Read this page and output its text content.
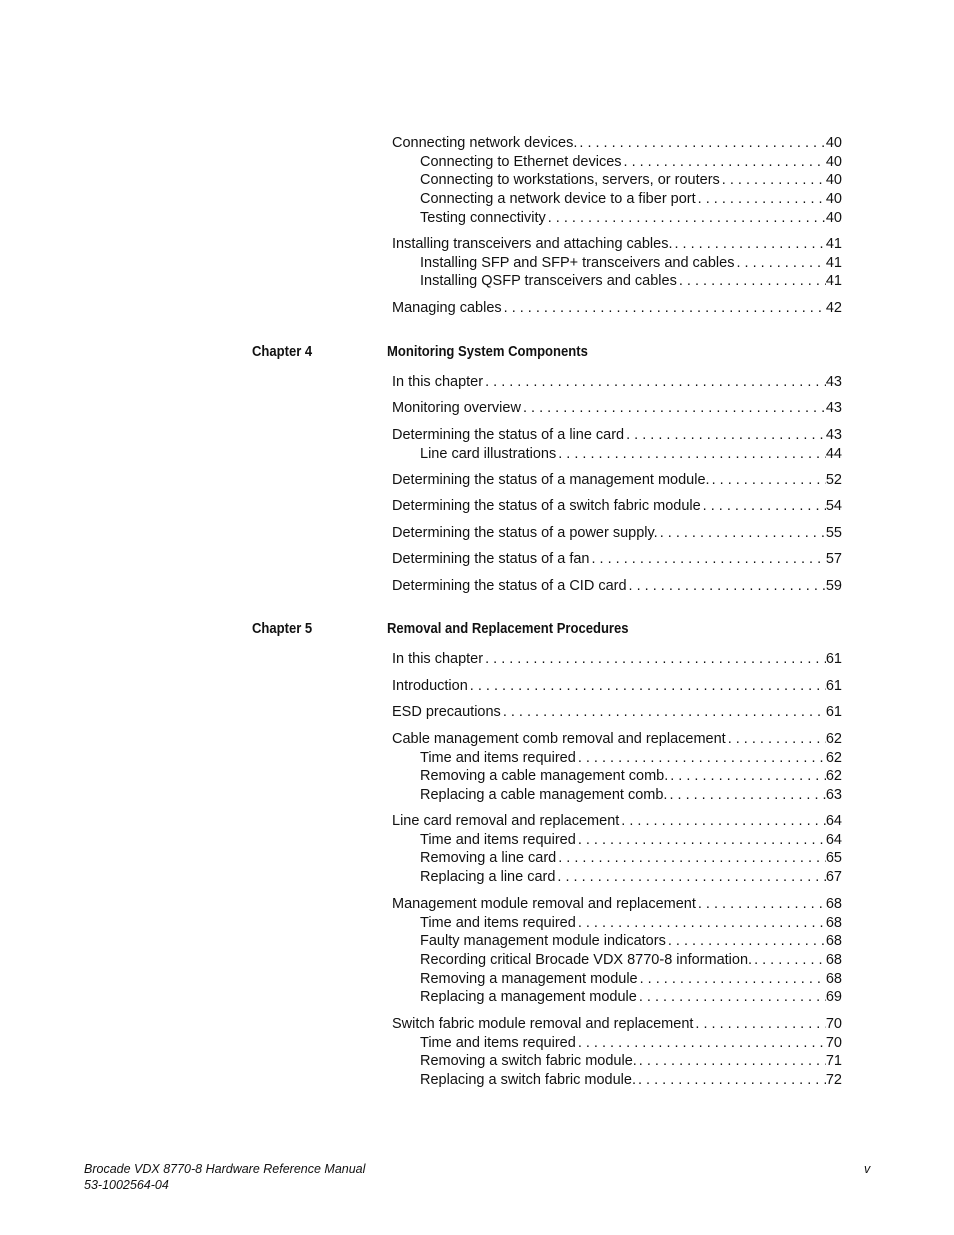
Connecting network devices. . . .	40
Connecting to Ethernet devices . . .	40
Connecting to workstations, servers, or routers . . .	40
Connecting a network device to a fiber port . . .	40
Testing connectivity . . .	40
Installing transceivers and attaching cables. . . .	41
Installing SFP and SFP+ transceivers and cables . . .	41
Installing QSFP transceivers and cables . . .	41
Managing cables . . .	42
In this chapter . . .	43
Monitoring overview . . .	43
Determining the status of a line card . . .	43
Line card illustrations . . .	44
Determining the status of a management module. . . .	52
Determining the status of a switch fabric module . . .	54
Determining the status of a power supply. . . .	55
Determining the status of a fan . . .	57
Determining the status of a CID card . . .	59
In this chapter . . .	61
Introduction . . .	61
ESD precautions . . .	61
Cable management comb removal and replacement . . .	62
Time and items required . . .	62
Removing a cable management comb. . . .	62
Replacing a cable management comb. . . .	63
Line card removal and replacement . . .	64
Time and items required . . .	64
Removing a line card . . .	65
Replacing a line card . . .	67
Management module removal and replacement . . .	68
Time and items required . . .	68
Faulty management module indicators . . .	68
Recording critical Brocade VDX 8770-8 information. . . .	68
Removing a management module . . .	68
Replacing a management module . . .	69
Switch fabric module removal and replacement . . .	70
Time and items required . . .	70
Removing a switch fabric module. . . .	71
Replacing a switch fabric module. . . .	72
Chapter 4	Monitoring System Components
Chapter 5	Removal and Replacement Procedures
Brocade VDX 8770-8 Hardware Reference Manual
53-1002564-04
v
